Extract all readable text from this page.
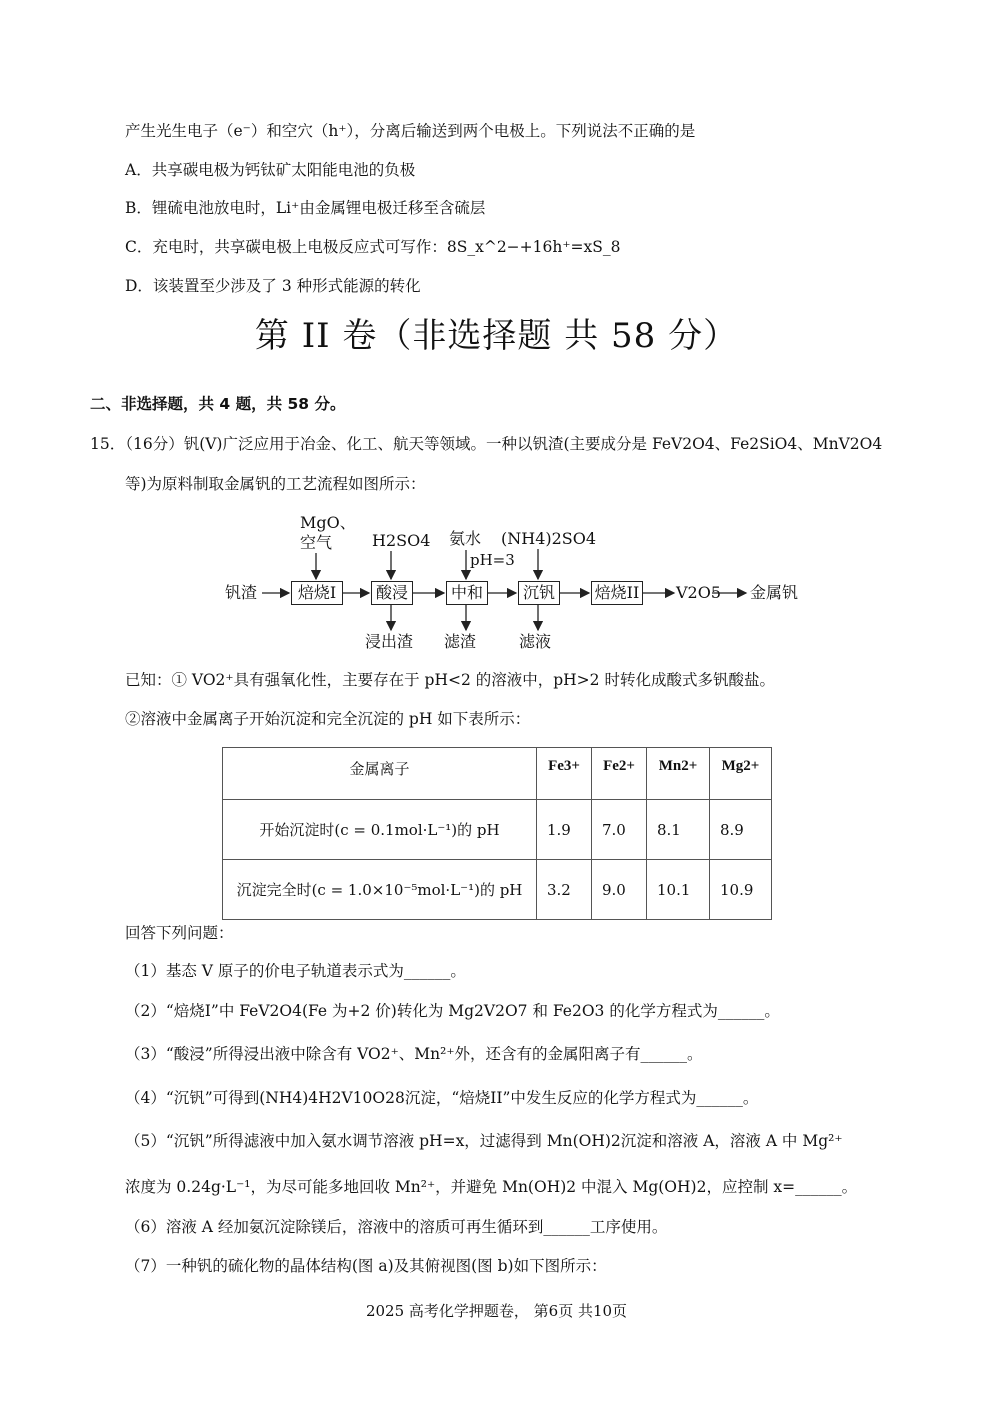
产生光生电子（e⁻）和空穴（h⁺），分离后输送到两个电极上。下列说法不正确的是
A．共享碳电极为钙钛矿太阳能电池的负极
B．锂硫电池放电时，Li⁺由金属锂电极迁移至含硫层
C．充电时，共享碳电极上电极反应式可写作：8S_x^2−+16h⁺=xS_8
D．该装置至少涉及了 3 种形式能源的转化
第 II 卷（非选择题 共 58 分）
二、非选择题，共 4 题，共 58 分。
15．（16分）钒(V)广泛应用于冶金、化工、航天等领域。一种以钒渣(主要成分是 FeV2O4、Fe2SiO4、MnV2O4
等)为原料制取金属钒的工艺流程如图所示：
MgO、
空气 H2SO4 氨水
pH=3
(NH4)2SO4
钒渣	焙烧I	酸浸	中和	沉钒	焙烧II V2O5 金属钒
浸出渣 滤渣	滤液
已知：① VO2⁺具有强氧化性，主要存在于 pH<2 的溶液中，pH>2 时转化成酸式多钒酸盐。
②溶液中金属离子开始沉淀和完全沉淀的 pH 如下表所示：
金属离子	Fe3+	Fe2+	Mn2+	Mg2+
开始沉淀时(c = 0.1mol·L⁻¹)的 pH	1.9	7.0	8.1	8.9
沉淀完全时(c = 1.0×10⁻⁵mol·L⁻¹)的 pH	3.2	9.0	10.1	10.9
回答下列问题：
（1）基态 V 原子的价电子轨道表示式为______。
（2）“焙烧I”中 FeV2O4(Fe 为+2 价)转化为 Mg2V2O7 和 Fe2O3 的化学方程式为______。
（3）“酸浸”所得浸出液中除含有 VO2⁺、Mn²⁺外，还含有的金属阳离子有______。
（4）“沉钒”可得到(NH4)4H2V10O28沉淀，“焙烧II”中发生反应的化学方程式为______。
（5）“沉钒”所得滤液中加入氨水调节溶液 pH=x，过滤得到 Mn(OH)2沉淀和溶液 A，溶液 A 中 Mg²⁺
浓度为 0.24g·L⁻¹，为尽可能多地回收 Mn²⁺，并避免 Mn(OH)2 中混入 Mg(OH)2，应控制 x=______。
（6）溶液 A 经加氨沉淀除镁后，溶液中的溶质可再生循环到______工序使用。
（7）一种钒的硫化物的晶体结构(图 a)及其俯视图(图 b)如下图所示：
2025 高考化学押题卷， 第6页 共10页
